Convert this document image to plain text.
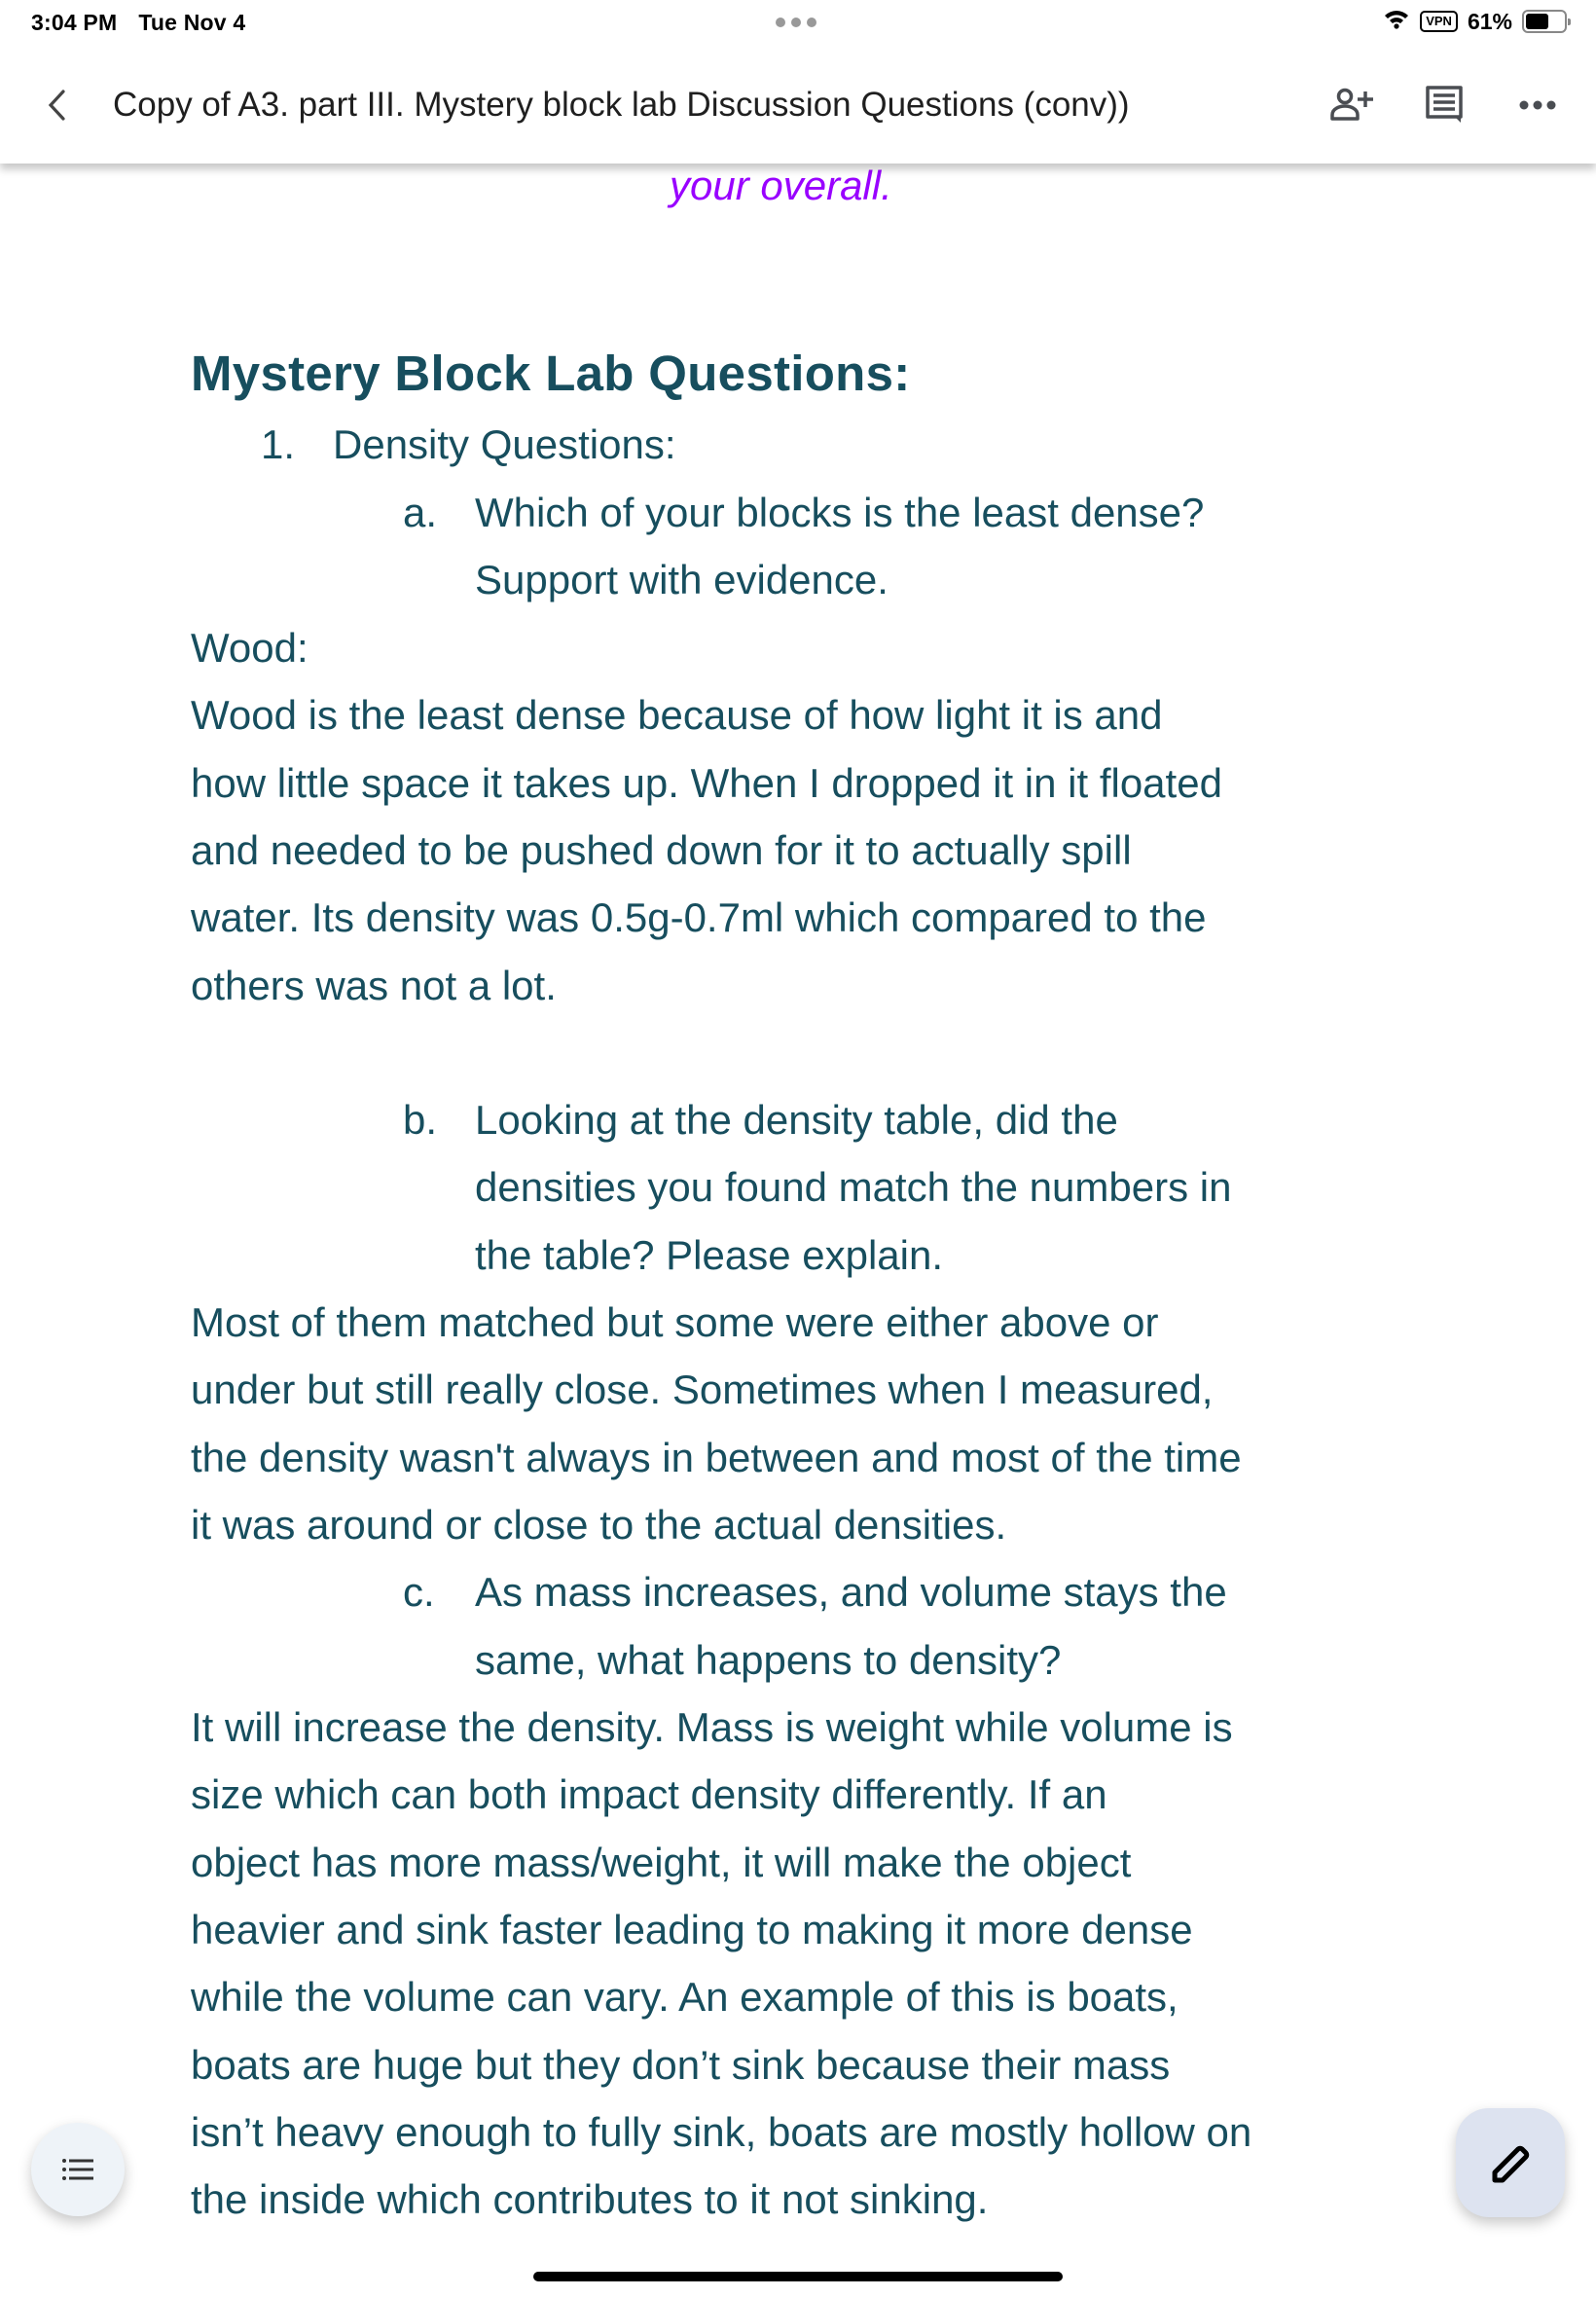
3:04 PM Tue Nov 4	VPN 61%
Copy of A3. part III. Mystery block lab Discussion Questions (conv))
your overall.
Mystery Block Lab Questions:
1. Density Questions:
a. Which of your blocks is the least dense?
Support with evidence.
Wood:
Wood is the least dense because of how light it is and
how little space it takes up. When I dropped it in it floated
and needed to be pushed down for it to actually spill
water. Its density was 0.5g-0.7ml which compared to the
others was not a lot.
b. Looking at the density table, did the
densities you found match the numbers in
the table? Please explain.
Most of them matched but some were either above or
under but still really close. Sometimes when I measured,
the density wasn't always in between and most of the time
it was around or close to the actual densities.
c. As mass increases, and volume stays the
same, what happens to density?
It will increase the density. Mass is weight while volume is
size which can both impact density differently. If an
object has more mass/weight, it will make the object
heavier and sink faster leading to making it more dense
while the volume can vary. An example of this is boats,
boats are huge but they don’t sink because their mass
isn’t heavy enough to fully sink, boats are mostly hollow on
the inside which contributes to it not sinking.
